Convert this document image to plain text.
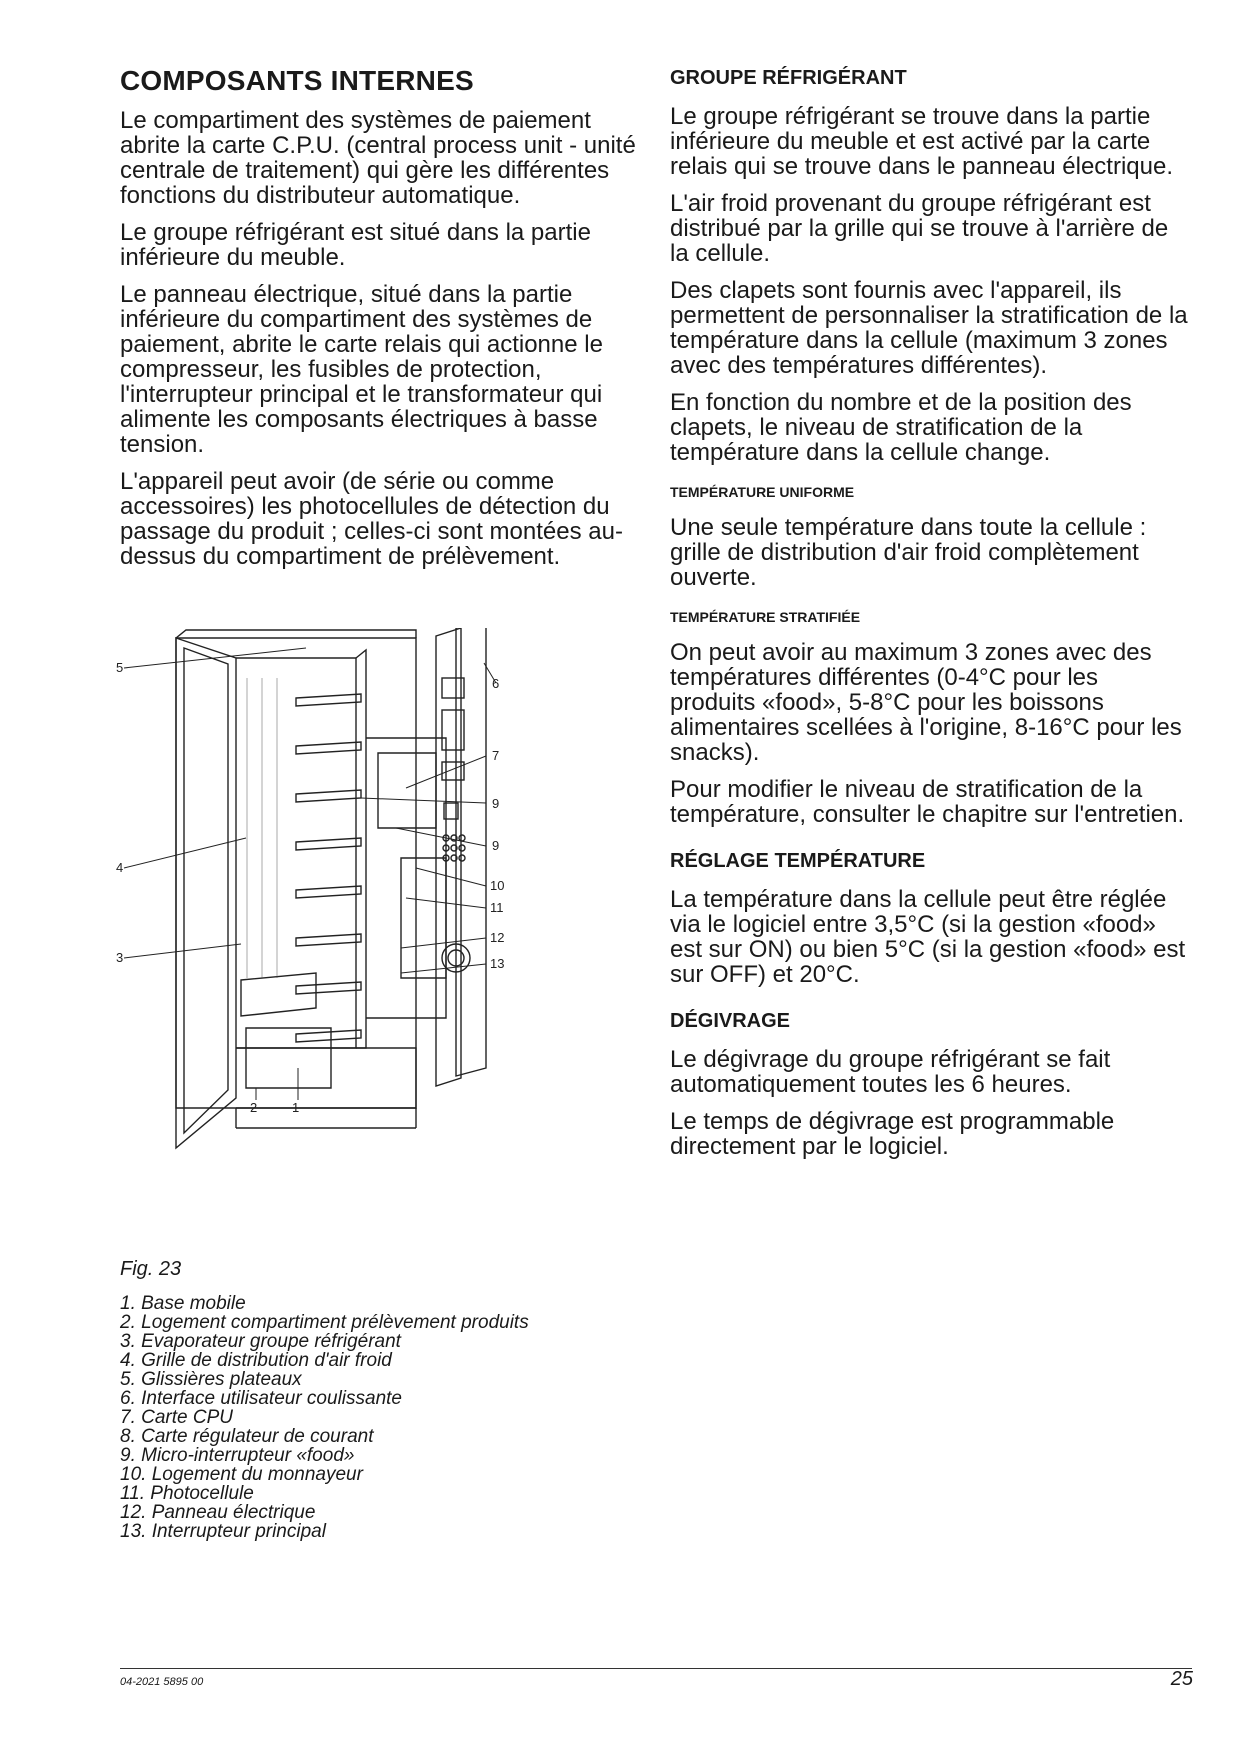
COMPOSANTS INTERNES

Le compartiment des systèmes de paiement abrite la carte C.P.U. (central process unit - unité centrale de traitement) qui gère les différentes fonctions du distributeur automatique.

Le groupe réfrigérant est situé dans la partie inférieure du meuble.

Le panneau électrique, situé dans la partie inférieure du compartiment des systèmes de paiement, abrite le carte relais qui actionne le compresseur, les fusibles de protection, l'interrupteur principal et le transformateur qui alimente les composants électriques à basse tension.

L'appareil peut avoir (de série ou comme accessoires) les photocellules de détection du passage du produit ; celles-ci sont montées au-dessus du compartiment de prélèvement.

5
6
7
9
9
4
10
11
3
12
13
2	1
Fig. 23
1. Base mobile
2. Logement compartiment prélèvement produits
3. Evaporateur groupe réfrigérant
4. Grille de distribution d'air froid
5. Glissières plateaux
6. Interface utilisateur coulissante
7. Carte CPU
8. Carte régulateur de courant
9. Micro-interrupteur «food»
10. Logement du monnayeur
11. Photocellule
12. Panneau électrique
13. Interrupteur principal
GROUPE RÉFRIGÉRANT

Le groupe réfrigérant se trouve dans la partie inférieure du meuble et est activé par la carte relais qui se trouve dans le panneau électrique.

L'air froid provenant du groupe réfrigérant est distribué par la grille qui se trouve à l'arrière de la cellule.

Des clapets sont fournis avec l'appareil, ils permettent de personnaliser la stratification de la température dans la cellule (maximum 3 zones avec des températures différentes).

En fonction du nombre et de la position des clapets, le niveau de stratification de la température dans la cellule change.

TEMPÉRATURE UNIFORME

Une seule température dans toute la cellule : grille de distribution d'air froid complètement ouverte.

TEMPÉRATURE STRATIFIÉE

On peut avoir au maximum 3 zones avec des températures différentes (0-4°C pour les produits «food», 5-8°C pour les boissons alimentaires scellées à l'origine, 8-16°C pour les snacks).

Pour modifier le niveau de stratification de la température, consulter le chapitre sur l'entretien.

RÉGLAGE TEMPÉRATURE

La température dans la cellule peut être réglée via le logiciel entre 3,5°C (si la gestion «food» est sur ON) ou bien 5°C (si la gestion «food» est sur OFF) et 20°C.

DÉGIVRAGE

Le dégivrage du groupe réfrigérant se fait automatiquement toutes les 6 heures.

Le temps de dégivrage est programmable directement par le logiciel.

04-2021 5895 00	25
